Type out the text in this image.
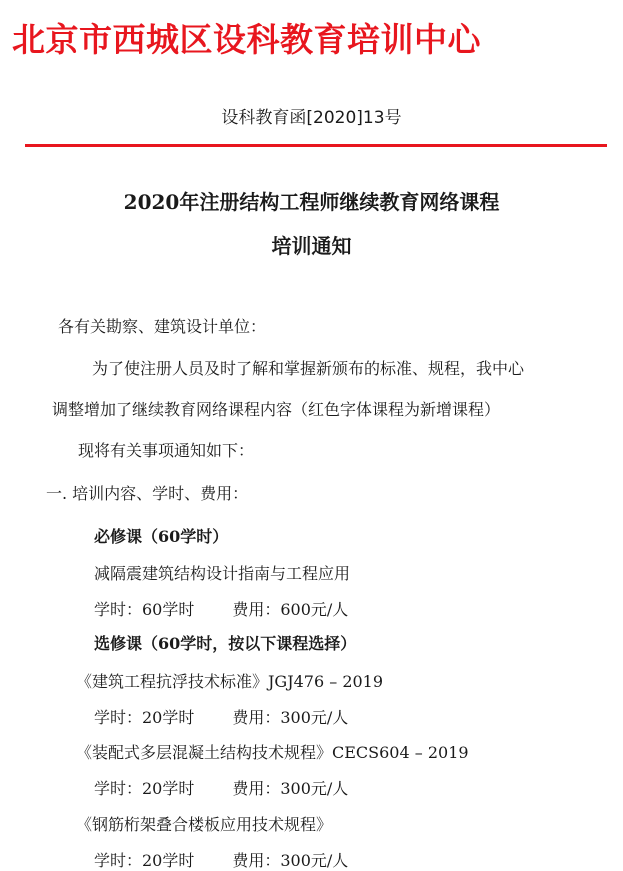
北京市西城区设科教育培训中心
设科教育函[2020]13号
2020年注册结构工程师继续教育网络课程
培训通知
各有关勘察、建筑设计单位：
为了使注册人员及时了解和掌握新颁布的标准、规程，我中心
调整增加了继续教育网络课程内容（红色字体课程为新增课程）
现将有关事项通知如下：
一. 培训内容、学时、费用：
必修课（60学时）
减隔震建筑结构设计指南与工程应用
学时：60学时 费用：600元/人
选修课（60学时，按以下课程选择）
《建筑工程抗浮技术标准》JGJ476 – 2019
学时：20学时 费用：300元/人
《装配式多层混凝土结构技术规程》CECS604 – 2019
学时：20学时 费用：300元/人
《钢筋桁架叠合楼板应用技术规程》
学时：20学时 费用：300元/人
